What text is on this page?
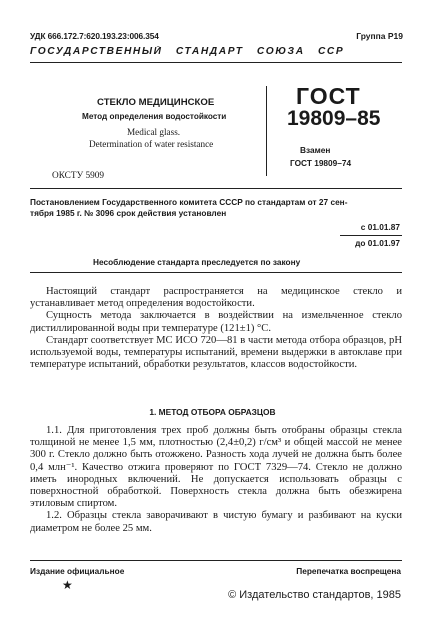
УДК 666.172.7:620.193.23:006.354	Группа Р19
ГОСУДАРСТВЕННЫЙ   СТАНДАРТ   СОЮЗА   ССР
СТЕКЛО МЕДИЦИНСКОЕ
Метод определения водостойкости
Medical glass.
Determination of water resistance
ГОСТ
19809–85
Взамен
ГОСТ 19809–74
ОКСТУ 5909
Постановлением Государственного комитета СССР по стандартам от 27 сен-
тября 1985 г. № 3096 срок действия установлен
с 01.01.87
до 01.01.97
Несоблюдение стандарта преследуется по закону

Настоящий стандарт распространяется на медицинское стекло и устанавливает метод определения водостойкости.

Сущность метода заключается в воздействии на измельченное стекло дистиллированной воды при температуре (121±1) °С.

Стандарт соответствует МС ИСО 720—81 в части метода отбора образцов, рН используемой воды, температуры испытаний, времени выдержки в автоклаве при температуре испытаний, обработки результатов, классов водостойкости.

1. МЕТОД ОТБОРА ОБРАЗЦОВ

1.1. Для приготовления трех проб должны быть отобраны образцы стекла толщиной не менее 1,5 мм, плотностью (2,4±0,2) г/см³ и общей массой не менее 300 г. Стекло должно быть отожжено. Разность хода лучей не должна быть более 0,4 млн⁻¹. Качество отжига проверяют по ГОСТ 7329—74. Стекло не должно иметь инородных включений. Не допускается использовать образцы с поверхностной обработкой. Поверхность стекла должна быть обезжирена этиловым спиртом.

1.2. Образцы стекла заворачивают в чистую бумагу и разбивают на куски диаметром не более 25 мм.

Издание официальное	Перепечатка воспрещена
★
© Издательство стандартов, 1985
